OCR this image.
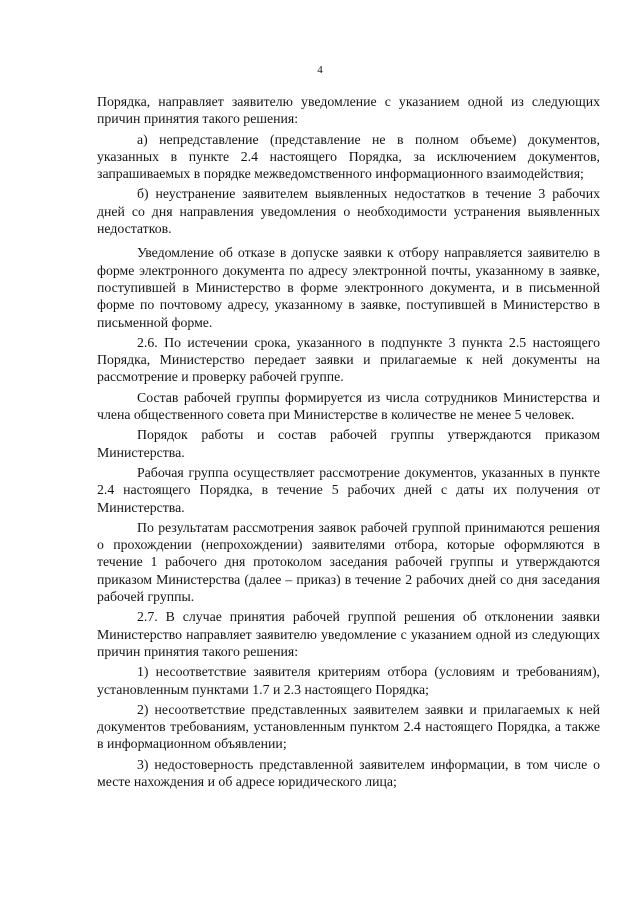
4

Порядка, направляет заявителю уведомление с указанием одной из следующих причин принятия такого решения:

а) непредставление (представление не в полном объеме) документов, указанных в пункте 2.4 настоящего Порядка, за исключением документов, запрашиваемых в порядке межведомственного информационного взаимодействия;

б) неустранение заявителем выявленных недостатков в течение 3 рабочих дней со дня направления уведомления о необходимости устранения выявленных недостатков.

Уведомление об отказе в допуске заявки к отбору направляется заявителю в форме электронного документа по адресу электронной почты, указанному в заявке, поступившей в Министерство в форме электронного документа, и в письменной форме по почтовому адресу, указанному в заявке, поступившей в Министерство в письменной форме.

2.6. По истечении срока, указанного в подпункте 3 пункта 2.5 настоящего Порядка, Министерство передает заявки и прилагаемые к ней документы на рассмотрение и проверку рабочей группе.

Состав рабочей группы формируется из числа сотрудников Министерства и члена общественного совета при Министерстве в количестве не менее 5 человек.

Порядок работы и состав рабочей группы утверждаются приказом Министерства.

Рабочая группа осуществляет рассмотрение документов, указанных в пункте 2.4 настоящего Порядка, в течение 5 рабочих дней с даты их получения от Министерства.

По результатам рассмотрения заявок рабочей группой принимаются решения о прохождении (непрохождении) заявителями отбора, которые оформляются в течение 1 рабочего дня протоколом заседания рабочей группы и утверждаются приказом Министерства (далее – приказ) в течение 2 рабочих дней со дня заседания рабочей группы.

2.7. В случае принятия рабочей группой решения об отклонении заявки Министерство направляет заявителю уведомление с указанием одной из следующих причин принятия такого решения:

1) несоответствие заявителя критериям отбора (условиям и требованиям), установленным пунктами 1.7 и 2.3 настоящего Порядка;

2) несоответствие представленных заявителем заявки и прилагаемых к ней документов требованиям, установленным пунктом 2.4 настоящего Порядка, а также в информационном объявлении;

3) недостоверность представленной заявителем информации, в том числе о месте нахождения и об адресе юридического лица;
